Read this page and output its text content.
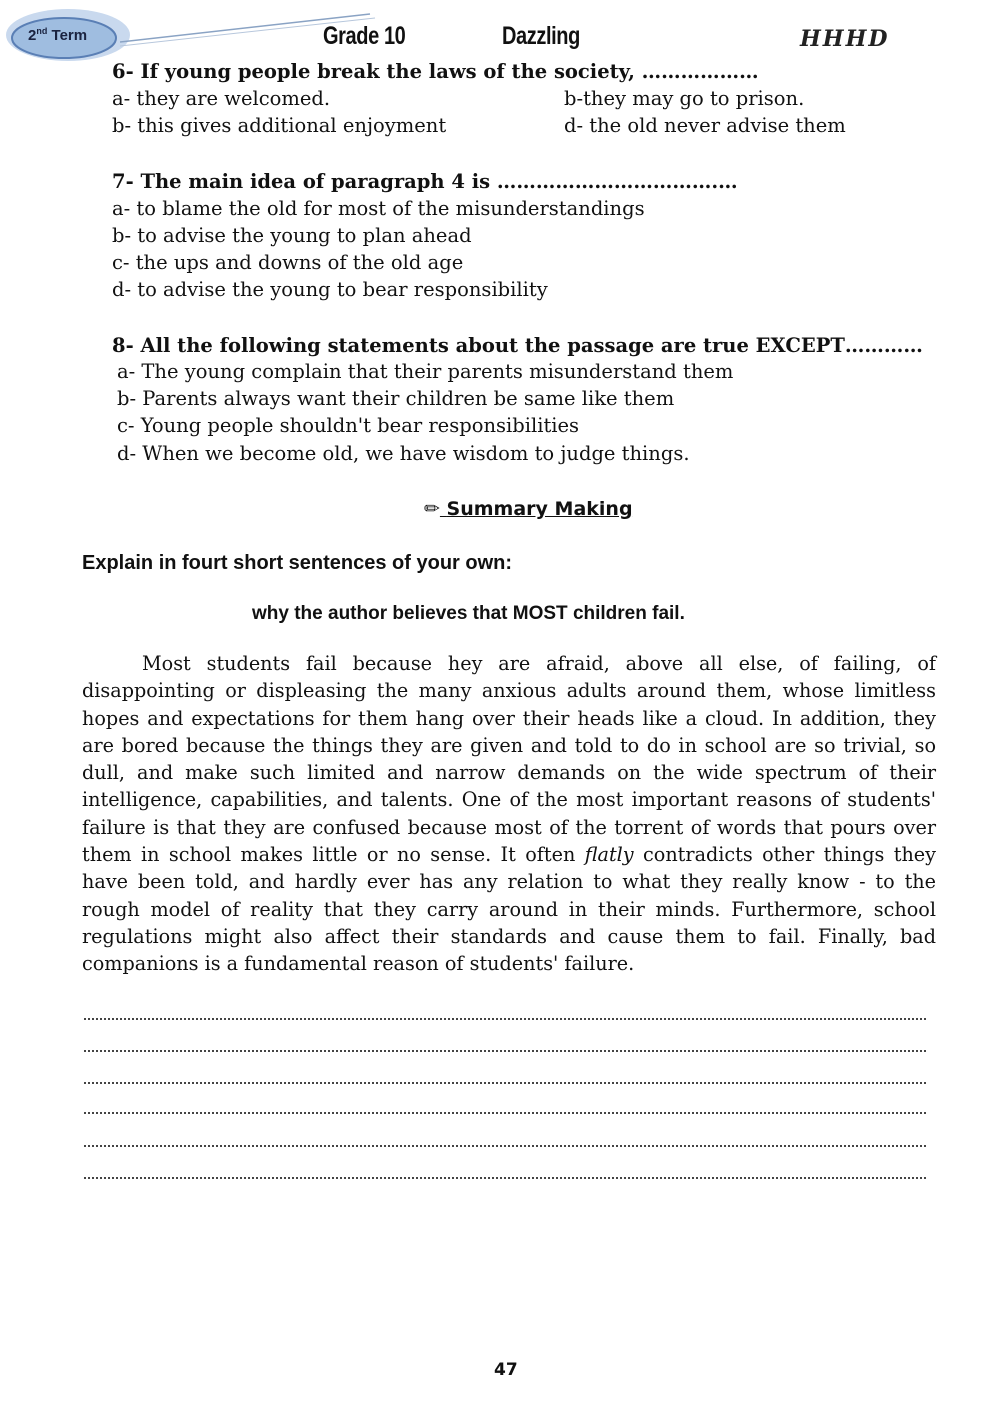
2nd Term	Grade 10	Dazzling	HHHD
6- If young people break the laws of the society, ………………
a- they are welcomed.	b-they may go to prison.
b- this gives additional enjoyment	d- the old never advise them
7- The main idea of paragraph 4 is …………………………….…
a- to blame the old for most of the misunderstandings
b- to advise the young to plan ahead
c- the ups and downs of the old age
d- to advise the young to bear responsibility
8- All the following statements about the passage are true EXCEPT…………
a- The young complain that their parents misunderstand them
b- Parents always want their children be same like them
c- Young people shouldn't bear responsibilities
d- When we become old, we have wisdom to judge things.
✏ Summary Making
Explain in fourt short sentences of your own:
why the author believes that MOST children fail.

Most students fail because hey are afraid, above all else, of failing, of disappointing or displeasing the many anxious adults around them, whose limitless hopes and expectations for them hang over their heads like a cloud. In addition, they are bored because the things they are given and told to do in school are so trivial, so dull, and make such limited and narrow demands on the wide spectrum of their intelligence, capabilities, and talents. One of the most important reasons of students' failure is that they are confused because most of the torrent of words that pours over them in school makes little or no sense. It often flatly contradicts other things they have been told, and hardly ever has any relation to what they really know - to the rough model of reality that they carry around in their minds. Furthermore, school regulations might also affect their standards and cause them to fail. Finally, bad companions is a fundamental reason of students' failure.

47
